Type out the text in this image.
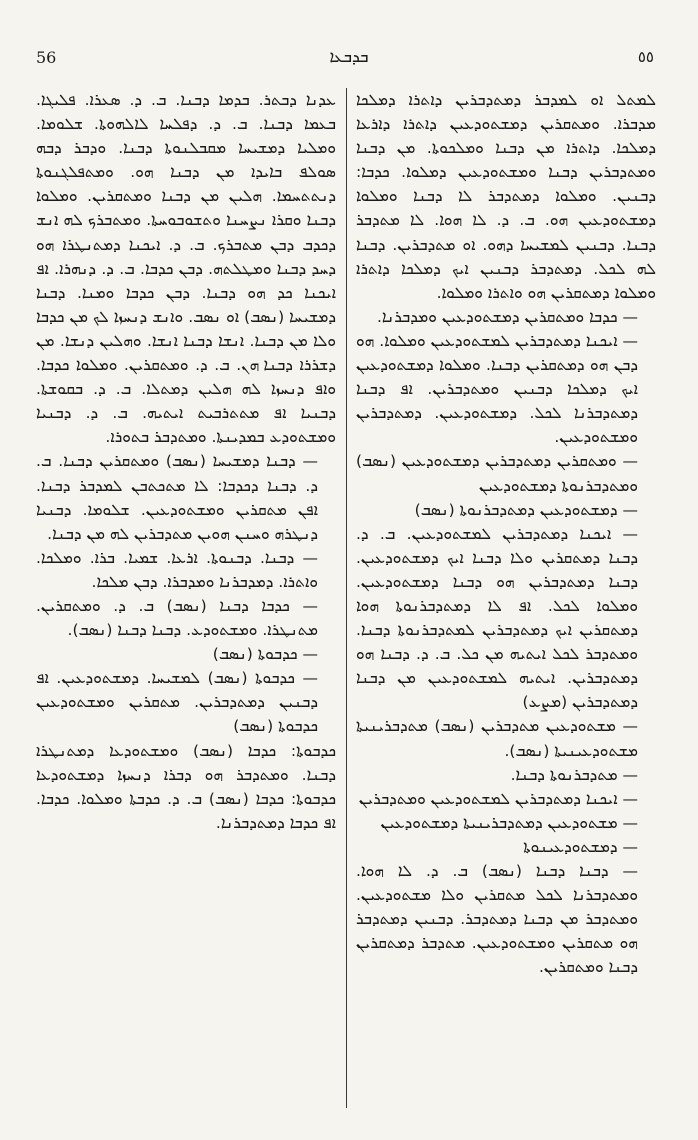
56	ܒܕܒܥܐ	٥٥

ܥܕܢܐ ܕܒܬܪ. ܒܕܡܐ ܕܒܢܐ. ܒ. ܕ. ܣܥܪܐ. ܦܠܝܓܐ. ܒܥܡܐ ܕܒܢܐ. ܒ. ܕ. ܕܦܠܚܐ ܠܐܠܗܘܬܐ. ܫܠܘܡܐ. ܘܡܠܝܐ ܕܡܫܝܚܐ ܡܩܒܠܢܘܬܐ ܕܒܢܐ. ܘܕܒܪ ܕܒܗ ܣܘܠܦ ܒܐܝܕܐ ܡܢ ܕܒܢܐ ܗܘ. ܘܡܬܦܠܓܢܘܬܐ ܕܢܬܬܚܡܐ. ܗܠܝܢ ܡܢ ܕܒܢܐ ܘܡܬܩܪܝܢ. ܘܡܠܘܐ ܕܒܢܐ ܘܩܪܐ ܢܨܚܢܐ ܘܬܫܘܒܘܚܬܐ. ܘܡܬܒܪܟ ܠܗ ܐܢܫ ܕܟܕܒ ܕܒܢ ܡܬܒܪܟ. ܒ. ܕ. ܐܝܟܢܐ ܕܡܬܢܛܪܐ ܗܘ ܕܚܕ ܕܒܢܐ ܘܡܛܠܬܗ. ܕܒܢ ܟܕܒܐ. ܒ. ܕ. ܕܢܗܪܐ. ܐܦ ܐܝܟܢܐ ܟܕ ܗܘ ܕܒܢܐ. ܕܒܢ ܟܕܒܐ ܘܡܢܐ. ܕܒܢܐ ܕܡܫܝܚܐ (ܢܣܒ) ܐܘ ܢܣܒ. ܘܐܢܫ ܕܢܚܙܐ ܠܟ ܡܢ ܟܕܒܐ ܘܠܐ ܡܢ ܕܒܢܐ. ܐܢܫܐ ܕܒܢܐ ܐܢܫܐ. ܘܗܠܝܢ ܕܢܫܐ. ܡܢ ܕܫܪܪܐ ܕܒܢܐ ܗܢ. ܒ. ܕ. ܘܡܬܩܪܝܢ. ܘܡܠܘܐ ܟܕܒܐ. ܘܐܦ ܕܢܚܙܐ ܠܗ ܗܠܝܢ ܕܡܬܠܐ. ܒ. ܕ. ܒܩܘܫܬܐ. ܕܒܢܝܐ ܐܦ ܡܬܬܪܒܝܬ ܐܝܬܝܗ. ܒ. ܕ. ܕܒܢܝܐ ܘܡܫܬܘܕܥ ܒܡܕܝܢܬܐ. ܘܡܬܕܒܪ ܒܬܘܪܐ.

— ܕܒܢܐ ܕܡܫܝܚܐ (ܢܣܒ) ܘܡܬܩܪܝܢ ܕܒܢܐ. ܒ. ܕ. ܕܒܢܐ ܕܟܕܒܐ: ܠܐ ܡܬܟܬܒܢ ܠܡܕܒܪ ܕܒܢܐ. ܐܦܢ ܡܬܩܪܝܢ ܘܡܫܬܘܕܥܝܢ. ܫܠܘܡܐ. ܕܒܢܝܐ ܕܢܛܪܗ ܘܚܢܢ ܗܘܝܢ ܡܬܕܒܪܝܢ ܠܗ ܡܢ ܕܒܢܐ.

— ܕܒܢܐ. ܕܒܢܘܬܐ. ܐܪܥܐ. ܫܡܝܐ. ܒܪܐ. ܘܡܠܟܐ. ܘܐܬܪܐ. ܕܡܕܒܪܢܐ ܘܡܕܒܪܐ. ܕܒܢ ܡܠܟܐ.

— ܟܕܒܐ ܕܒܢܐ (ܢܣܒ) ܒ. ܕ. ܘܡܬܩܪܝܢ. ܡܬܢܛܪܐ. ܘܡܫܬܘܕܥ. ܕܒܢܐ ܕܒܢܐ (ܢܣܒ).

— ܟܕܒܘܬܐ (ܢܣܒ)

— ܟܕܒܘܬܐ (ܢܣܒ) ܠܡܫܝܚܐ. ܕܡܫܬܘܕܥܝܢ. ܐܦ ܕܒܢܝܢ ܕܡܬܕܒܪܝܢ. ܡܬܩܪܝܢ ܘܡܫܬܘܕܥܝܢ ܟܕܒܘܬܐ (ܢܣܒ)

ܟܕܒܘܬܐ: ܟܕܒܐ (ܢܣܒ) ܘܡܫܬܘܕܥܐ ܕܡܬܢܛܪܐ ܕܒܢܐ. ܘܡܬܕܒܪ ܗܘ ܕܒܪܐ ܕܢܚܙܐ ܕܡܫܬܘܕܥܐ ܟܕܒܘܬܐ: ܟܕܒܐ (ܢܣܒ) ܒ. ܕ. ܟܕܒܬܐ ܘܡܠܘܐ. ܟܕܒܐ. ܐܦ ܟܕܒܐ ܕܡܬܕܒܪܢܐ.

ܠܡܬܠ ܐܘ ܠܡܕܒܪ ܕܡܬܕܒܪܝܢ ܕܐܬܪܐ ܕܡܠܟܐ ܡܕܒܪܐ. ܘܡܬܩܪܝܢ ܕܡܫܬܘܕܥܝܢ ܕܐܬܪܐ ܕܐܪܥܐ ܕܡܠܟܐ. ܕܐܬܪܐ ܡܢ ܕܒܢܐ ܘܡܠܟܘܬܐ. ܡܢ ܕܒܢܐ ܘܡܬܕܒܪܝܢ ܕܒܢܐ ܘܡܫܬܘܕܥܝܢ ܕܡܠܘܐ. ܟܕܒܐ: ܕܒܢܝܢ. ܘܡܠܘܐ ܕܡܬܕܒܪ ܠܐ ܕܒܢܐ ܘܡܠܘܐ ܕܡܫܬܘܕܥܝܢ ܗܘ. ܒ. ܕ. ܠܐ ܗܘܐ. ܠܐ ܡܬܕܒܪ ܕܒܢܐ. ܕܒܢܝܢ ܠܡܫܝܚܐ ܕܗܘ. ܐܘ ܡܬܕܒܪܝܢ. ܕܒܢܐ ܠܗ ܠܟܠ. ܕܡܬܕܒܪ ܕܒܢܝܢ ܐܝܟ ܕܡܠܟܐ ܕܐܬܪܐ ܘܡܠܘܐ ܕܡܬܩܪܝܢ ܗܘ ܘܐܬܪܐ ܘܡܠܘܐ.

— ܟܕܒܐ ܘܡܬܩܪܝܢ ܕܡܫܬܘܕܥܝܢ ܘܡܕܒܪܢܐ.

— ܐܝܟܢܐ ܕܡܬܕܒܪܝܢ ܠܡܫܬܘܕܥܝܢ ܘܡܠܘܐ. ܗܘ ܕܒܢ ܗܘ ܕܡܬܩܪܝܢ ܕܒܢܐ. ܘܡܠܘܐ ܕܡܫܬܘܕܥܝܢ ܐܝܟ ܕܡܠܟܐ ܕܒܢܝܢ ܘܡܬܕܒܪܝܢ. ܐܦ ܕܒܢܐ ܕܡܬܕܒܪܢܐ ܠܟܠ. ܕܡܫܬܘܕܥܝܢ. ܕܡܬܕܒܪܝܢ ܘܡܫܬܘܕܥܝܢ.

— ܘܡܬܩܪܝܢ ܕܡܬܕܒܪܝܢ ܕܡܫܬܘܕܥܝܢ (ܢܣܒ) ܘܡܬܕܒܪܢܘܬܐ ܕܡܫܬܘܕܥܝܢ

— ܕܡܫܬܘܕܥܝܢ ܕܡܬܕܒܪܢܘܬܐ (ܢܣܒ)

— ܐܝܟܢܐ ܕܡܬܕܒܪܝܢ ܠܡܫܬܘܕܥܝܢ. ܒ. ܕ. ܕܒܢܐ ܕܡܬܩܪܝܢ ܘܠܐ ܕܒܢܐ ܐܝܟ ܕܡܫܬܘܕܥܝܢ. ܕܒܢܐ ܕܡܬܕܒܪܝܢ ܗܘ ܕܒܢܐ ܕܡܫܬܘܕܥܝܢ. ܘܡܠܘܐ ܠܟܠ. ܐܦ ܠܐ ܕܡܬܕܒܪܢܘܬܐ ܗܘܐ ܕܡܬܩܪܝܢ ܐܝܟ ܕܡܬܕܒܪܝܢ ܠܡܬܕܒܪܢܘܬܐ ܕܒܢܐ. ܘܡܬܕܒܪ ܠܟܠ ܐܝܬܝܗ ܡܢ ܟܠ. ܒ. ܕ. ܕܒܢܐ ܗܘ ܕܡܬܕܒܪܝܢ. ܐܝܬܝܗ ܠܡܫܬܘܕܥܝܢ ܡܢ ܕܒܢܐ ܕܡܬܕܒܪܝܢ (ܡܨܥ)

— ܡܫܬܘܕܥܝܢ ܡܬܕܒܪܝܢ (ܢܣܒ) ܡܬܕܒܪܝܢܝܬܐ ܡܫܬܘܕܥܝܢܝܬܐ (ܢܣܒ).

— ܡܬܕܒܪܢܘܬܐ ܕܒܢܐ.

— ܐܝܟܢܐ ܕܡܬܕܒܪܝܢ ܠܡܫܬܘܕܥܝܢ ܘܡܬܕܒܪܝܢ

— ܡܫܬܘܕܥܝܢ ܕܡܬܕܒܪܝܢܝܬܐ ܕܡܫܬܘܕܥܝܢ

— ܕܡܫܬܘܕܥܝܢܘܬܐ

— ܕܒܢܐ ܕܒܢܐ (ܢܣܒ) ܒ. ܕ. ܠܐ ܗܘܐ. ܘܡܬܕܒܪܢܐ ܠܟܠ ܡܬܩܪܝܢ ܘܠܐ ܡܫܬܘܕܥܝܢ. ܘܡܬܕܒܪ ܡܢ ܕܒܢܐ ܕܡܬܕܒܪ. ܕܒܢܝܢ ܕܡܬܕܒܪ ܗܘ ܡܬܩܪܝܢ ܘܡܫܬܘܕܥܝܢ. ܡܬܕܒܪ ܕܡܬܩܪܝܢ ܕܒܢܐ ܘܡܬܩܪܝܢ.
